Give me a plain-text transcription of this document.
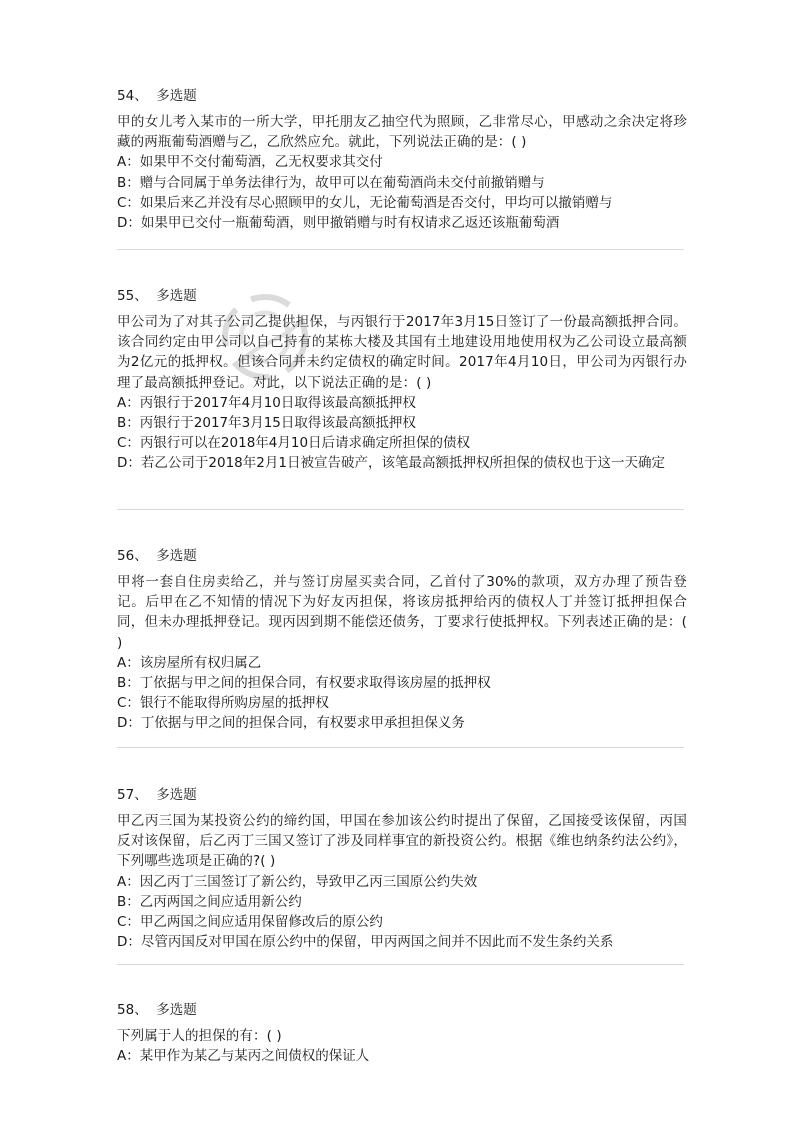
54、 多选题
甲的女儿考入某市的一所大学，甲托朋友乙抽空代为照顾，乙非常尽心，甲感动之余决定将珍藏的两瓶葡萄酒赠与乙，乙欣然应允。就此，下列说法正确的是：( )
A： 如果甲不交付葡萄酒，乙无权要求其交付
B： 赠与合同属于单务法律行为，故甲可以在葡萄酒尚未交付前撤销赠与
C： 如果后来乙并没有尽心照顾甲的女儿，无论葡萄酒是否交付，甲均可以撤销赠与
D： 如果甲已交付一瓶葡萄酒，则甲撤销赠与时有权请求乙返还该瓶葡萄酒
55、 多选题
甲公司为了对其子公司乙提供担保，与丙银行于2017年3月15日签订了一份最高额抵押合同。该合同约定由甲公司以自己持有的某栋大楼及其国有土地建设用地使用权为乙公司设立最高额为2亿元的抵押权。但该合同并未约定债权的确定时间。2017年4月10日，甲公司为丙银行办理了最高额抵押登记。对此，以下说法正确的是：( )
A： 丙银行于2017年4月10日取得该最高额抵押权
B： 丙银行于2017年3月15日取得该最高额抵押权
C： 丙银行可以在2018年4月10日后请求确定所担保的债权
D： 若乙公司于2018年2月1日被宣告破产，该笔最高额抵押权所担保的债权也于这一天确定
56、 多选题
甲将一套自住房卖给乙，并与签订房屋买卖合同，乙首付了30%的款项，双方办理了预告登记。后甲在乙不知情的情况下为好友丙担保，将该房抵押给丙的债权人丁并签订抵押担保合同，但未办理抵押登记。现丙因到期不能偿还债务，丁要求行使抵押权。下列表述正确的是：( )
A： 该房屋所有权归属乙
B： 丁依据与甲之间的担保合同，有权要求取得该房屋的抵押权
C： 银行不能取得所购房屋的抵押权
D： 丁依据与甲之间的担保合同，有权要求甲承担担保义务
57、 多选题
甲乙丙三国为某投资公约的缔约国，甲国在参加该公约时提出了保留，乙国接受该保留，丙国反对该保留，后乙丙丁三国又签订了涉及同样事宜的新投资公约。根据《维也纳条约法公约》，下列哪些选项是正确的?( )
A： 因乙丙丁三国签订了新公约，导致甲乙丙三国原公约失效
B： 乙丙两国之间应适用新公约
C： 甲乙两国之间应适用保留修改后的原公约
D： 尽管丙国反对甲国在原公约中的保留，甲丙两国之间并不因此而不发生条约关系
58、 多选题
下列属于人的担保的有：( )
A： 某甲作为某乙与某丙之间债权的保证人
